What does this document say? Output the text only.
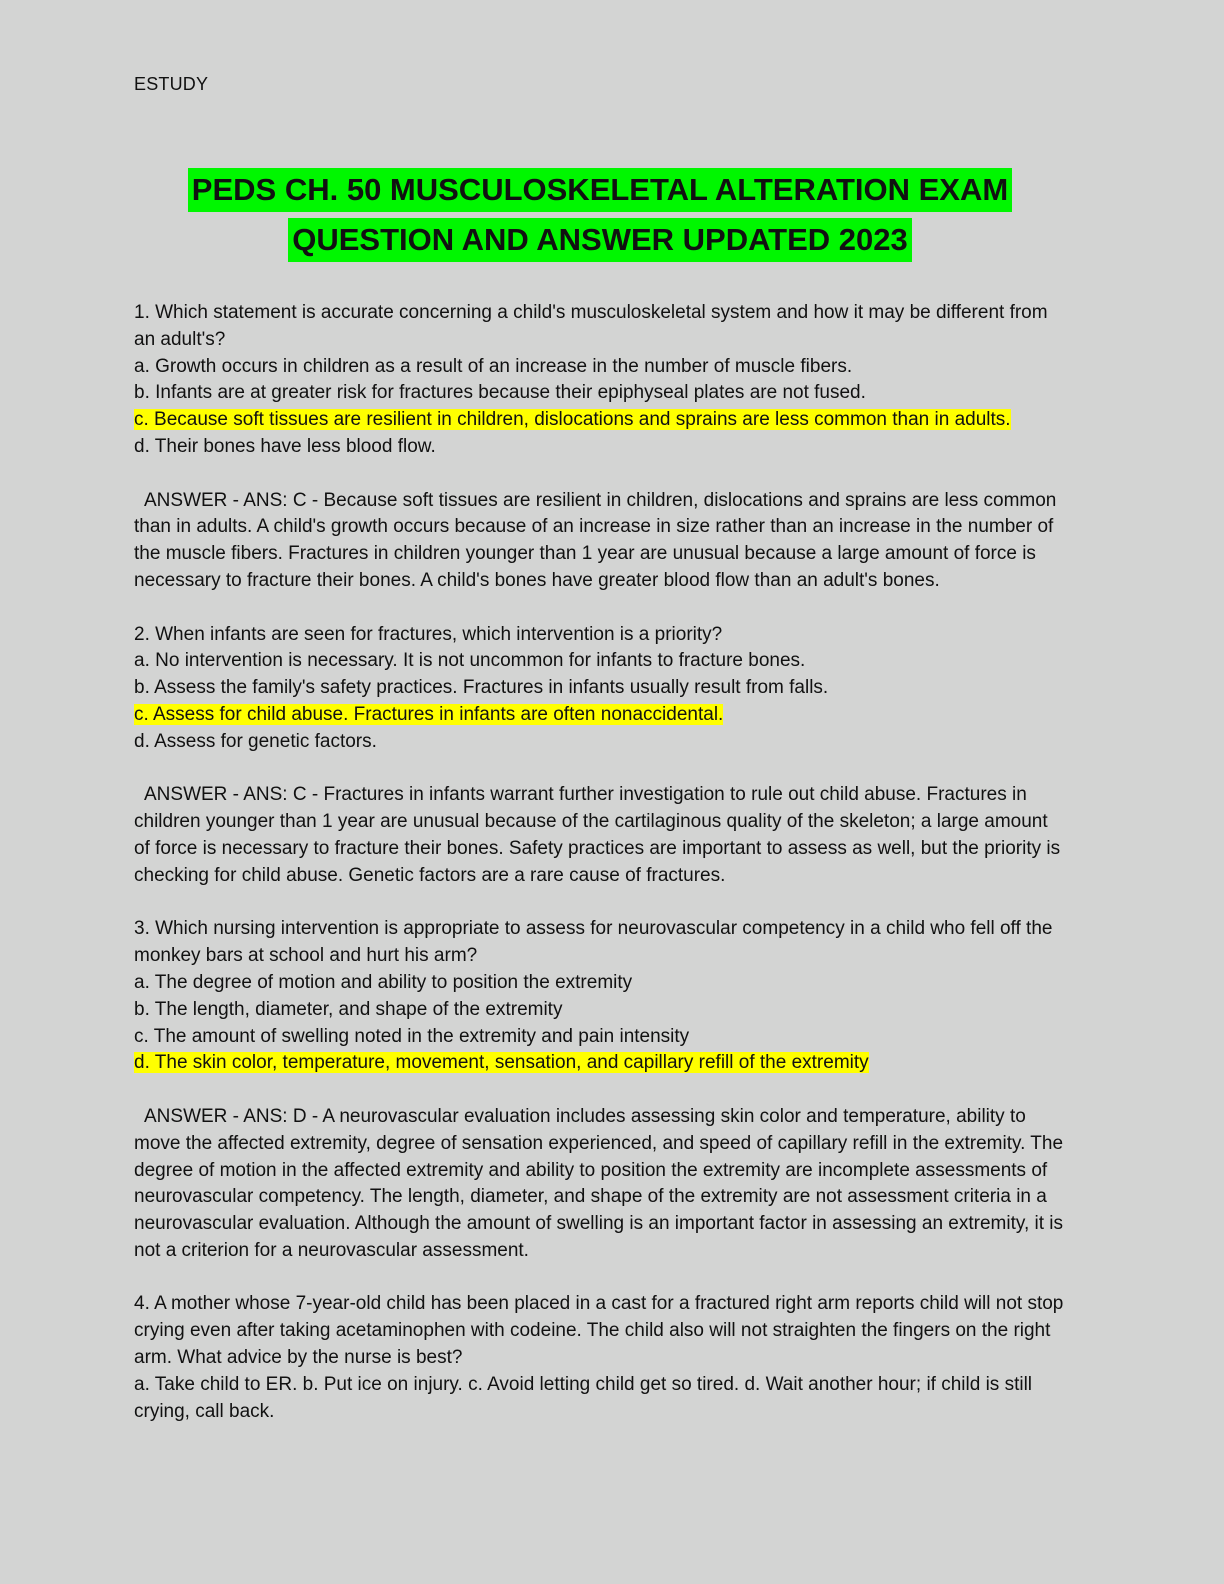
ESTUDY
PEDS CH. 50 MUSCULOSKELETAL ALTERATION EXAM
QUESTION AND ANSWER UPDATED 2023

1. Which statement is accurate concerning a child's musculoskeletal system and how it may be different from an adult's?

a. Growth occurs in children as a result of an increase in the number of muscle fibers.

b. Infants are at greater risk for fractures because their epiphyseal plates are not fused.

c. Because soft tissues are resilient in children, dislocations and sprains are less common than in adults.

d. Their bones have less blood flow.

ANSWER - ANS: C - Because soft tissues are resilient in children, dislocations and sprains are less common than in adults. A child's growth occurs because of an increase in size rather than an increase in the number of the muscle fibers. Fractures in children younger than 1 year are unusual because a large amount of force is necessary to fracture their bones. A child's bones have greater blood flow than an adult's bones.

2. When infants are seen for fractures, which intervention is a priority?

a. No intervention is necessary. It is not uncommon for infants to fracture bones.

b. Assess the family's safety practices. Fractures in infants usually result from falls.

c. Assess for child abuse. Fractures in infants are often nonaccidental.

d. Assess for genetic factors.

ANSWER - ANS: C - Fractures in infants warrant further investigation to rule out child abuse. Fractures in children younger than 1 year are unusual because of the cartilaginous quality of the skeleton; a large amount of force is necessary to fracture their bones. Safety practices are important to assess as well, but the priority is checking for child abuse. Genetic factors are a rare cause of fractures.

3. Which nursing intervention is appropriate to assess for neurovascular competency in a child who fell off the monkey bars at school and hurt his arm?

a. The degree of motion and ability to position the extremity

b. The length, diameter, and shape of the extremity

c. The amount of swelling noted in the extremity and pain intensity

d. The skin color, temperature, movement, sensation, and capillary refill of the extremity

ANSWER - ANS: D - A neurovascular evaluation includes assessing skin color and temperature, ability to move the affected extremity, degree of sensation experienced, and speed of capillary refill in the extremity. The degree of motion in the affected extremity and ability to position the extremity are incomplete assessments of neurovascular competency. The length, diameter, and shape of the extremity are not assessment criteria in a neurovascular evaluation. Although the amount of swelling is an important factor in assessing an extremity, it is not a criterion for a neurovascular assessment.

4. A mother whose 7-year-old child has been placed in a cast for a fractured right arm reports child will not stop crying even after taking acetaminophen with codeine. The child also will not straighten the fingers on the right arm. What advice by the nurse is best?

a. Take child to ER. b. Put ice on injury. c. Avoid letting child get so tired. d. Wait another hour; if child is still crying, call back.
